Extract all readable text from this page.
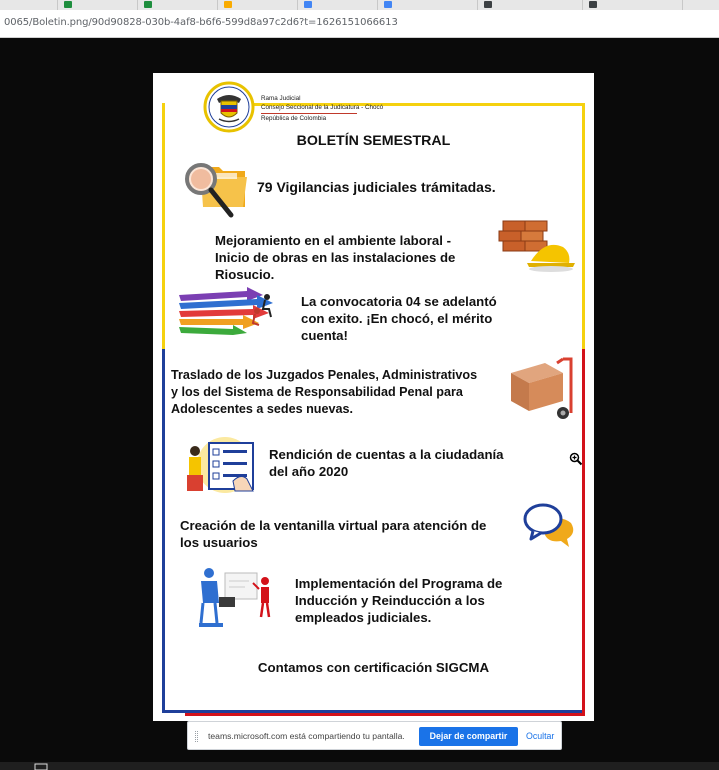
0065/Boletin.png/90d90828-030b-4af8-b6f6-599d8a97c2d6?t=1626151066613
Rama Judicial
Consejo Seccional de la Judicatura - Chocó
República de Colombia
BOLETÍN SEMESTRAL
79 Vigilancias judiciales trámitadas.
Mejoramiento en el ambiente laboral -
Inicio de obras en las instalaciones de
Riosucio.
La convocatoria 04 se adelantó
con exito. ¡En chocó, el mérito
cuenta!
Traslado de los Juzgados Penales, Administrativos
y los del Sistema de Responsabilidad Penal para
Adolescentes a sedes nuevas.
Rendición de cuentas a la ciudadanía
del año 2020
Creación de la ventanilla virtual para atención de
los usuarios
Implementación del Programa de
Inducción y Reinducción a los
empleados judiciales.
Contamos con certificación SIGCMA
teams.microsoft.com está compartiendo tu pantalla.	Dejar de compartir	Ocultar
